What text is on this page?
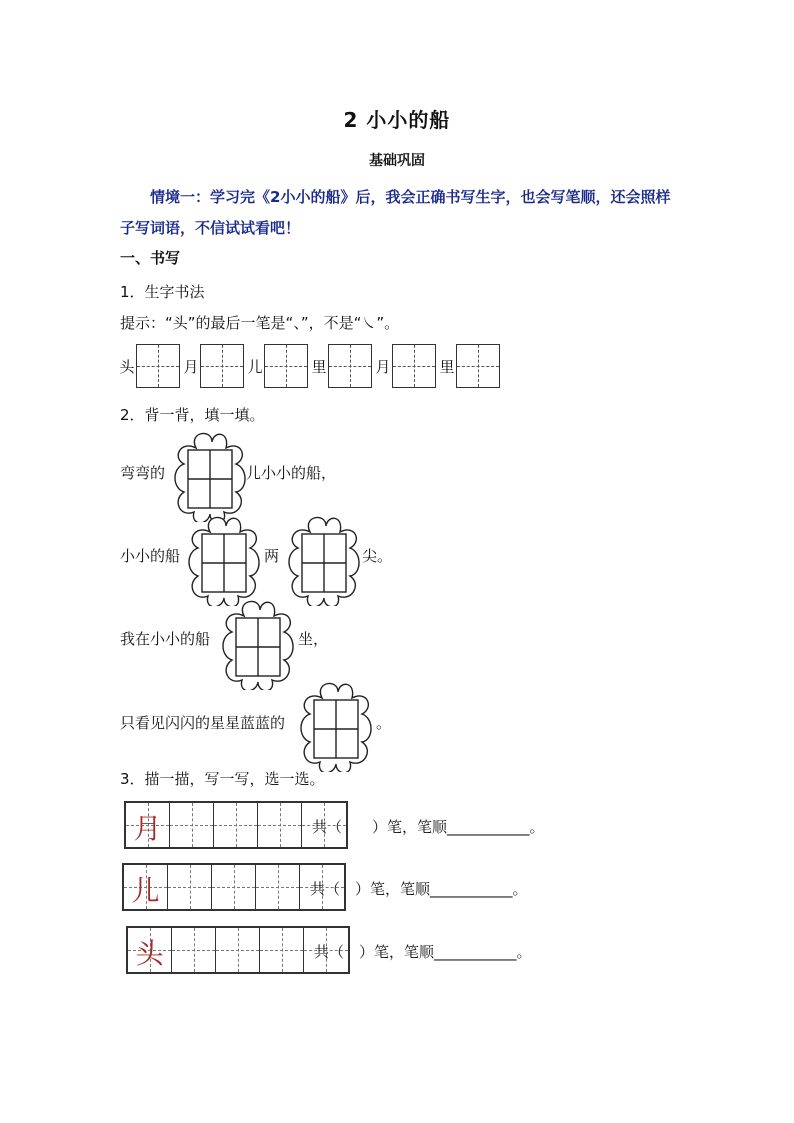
2 小小的船
基础巩固
情境一：学习完《2小小的船》后，我会正确书写生字，也会写笔顺，还会照样子写词语，不信试试看吧！
一、书写
1．生字书法
提示：“头”的最后一笔是“、”，不是“㇏”。
头	月	儿	里	月	里
2．背一背，填一填。
弯弯的	儿小小的船，
小小的船	两	尖。
我在小小的船	坐，
只看见闪闪的星星蓝蓝的	。
3．描一描，写一写，选一选。
月	共（　　）笔，笔顺___________。
儿	共（　）笔，笔顺___________。
头	共（　）笔，笔顺___________。
